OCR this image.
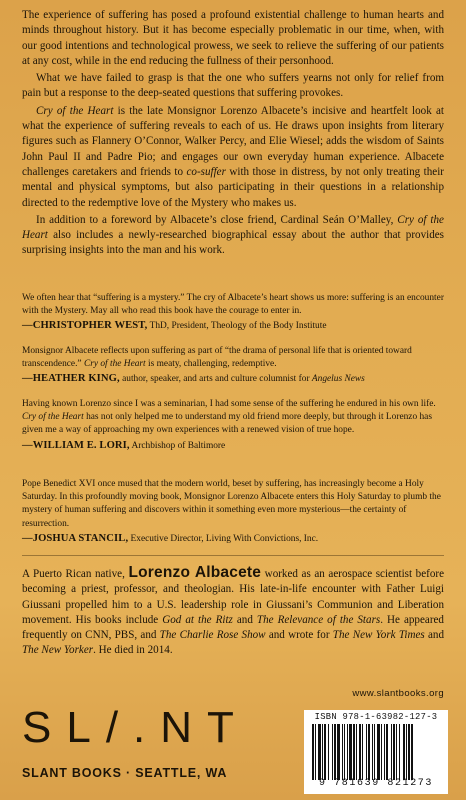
The experience of suffering has posed a profound existential challenge to human hearts and minds throughout history. But it has become especially problematic in our time, when, with our good intentions and technological prowess, we seek to relieve the suffering of our patients at any cost, while in the end reducing the fullness of their personhood.

What we have failed to grasp is that the one who suffers yearns not only for relief from pain but a response to the deep-seated questions that suffering provokes.

Cry of the Heart is the late Monsignor Lorenzo Albacete’s incisive and heartfelt look at what the experience of suffering reveals to each of us. He draws upon insights from literary figures such as Flannery O’Connor, Walker Percy, and Elie Wiesel; adds the wisdom of Saints John Paul II and Padre Pio; and engages our own everyday human experience. Albacete challenges caretakers and friends to co-suffer with those in distress, by not only treating their mental and physical symptoms, but also participating in their questions in a relationship directed to the redemptive love of the Mystery who makes us.

In addition to a foreword by Albacete’s close friend, Cardinal Seán O’Malley, Cry of the Heart also includes a newly-researched biographical essay about the author that provides surprising insights into the man and his work.

We often hear that “suffering is a mystery.” The cry of Albacete’s heart shows us more: suffering is an encounter with the Mystery. May all who read this book have the courage to enter in.

—CHRISTOPHER WEST, ThD, President, Theology of the Body Institute

Monsignor Albacete reflects upon suffering as part of “the drama of personal life that is oriented toward transcendence.” Cry of the Heart is meaty, challenging, redemptive.

—HEATHER KING, author, speaker, and arts and culture columnist for Angelus News

Having known Lorenzo since I was a seminarian, I had some sense of the suffering he endured in his own life. Cry of the Heart has not only helped me to understand my old friend more deeply, but through it Lorenzo has given me a way of approaching my own experiences with a renewed vision of true hope.

—WILLIAM E. LORI, Archbishop of Baltimore

Pope Benedict XVI once mused that the modern world, beset by suffering, has increasingly become a Holy Saturday. In this profoundly moving book, Monsignor Lorenzo Albacete enters this Holy Saturday to plumb the mystery of human suffering and discovers within it something even more mysterious—the certainty of resurrection.

—JOSHUA STANCIL, Executive Director, Living With Convictions, Inc.

A Puerto Rican native, Lorenzo Albacete worked as an aerospace scientist before becoming a priest, professor, and theologian. His late-in-life encounter with Father Luigi Giussani propelled him to a U.S. leadership role in Giussani’s Communion and Liberation movement. His books include God at the Ritz and The Relevance of the Stars. He appeared frequently on CNN, PBS, and The Charlie Rose Show and wrote for The New York Times and The New Yorker. He died in 2014.
www.slantbooks.org
SL/.NT
SLANT BOOKS · SEATTLE, WA
ISBN 978-1-63982-127-3
9 781639 821273
